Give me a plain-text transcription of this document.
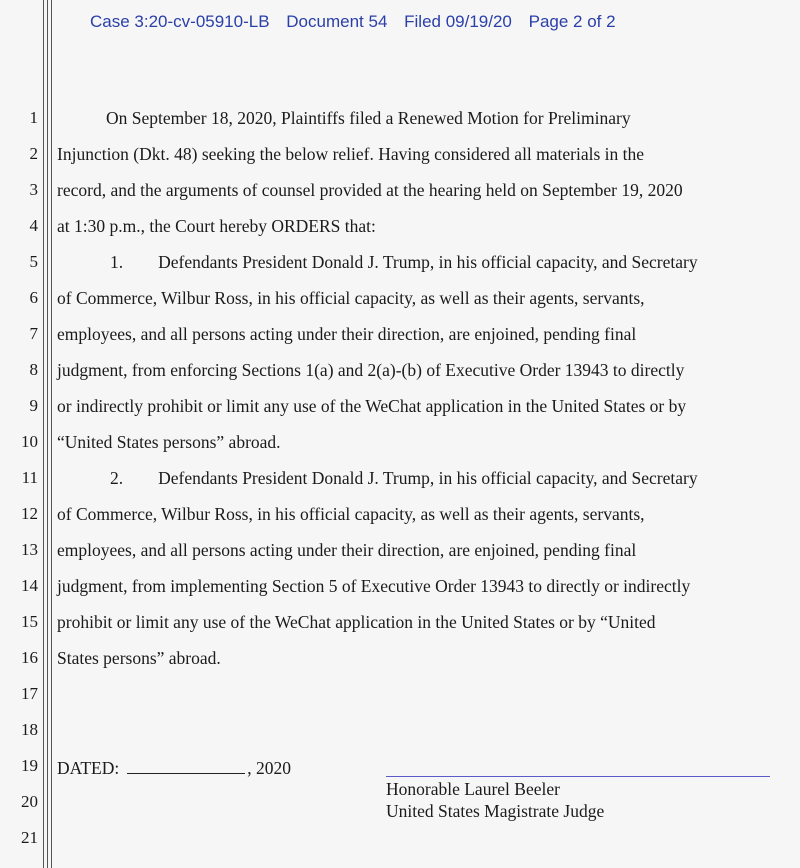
Case 3:20-cv-05910-LB Document 54 Filed 09/19/20 Page 2 of 2
1
2
3
4
5
6
7
8
9
10
11
12
13
14
15
16
17
18
19
20
21
On September 18, 2020, Plaintiffs filed a Renewed Motion for Preliminary
Injunction (Dkt. 48) seeking the below relief. Having considered all materials in the
record, and the arguments of counsel provided at the hearing held on September 19, 2020
at 1:30 p.m., the Court hereby ORDERS that:
1.        Defendants President Donald J. Trump, in his official capacity, and Secretary
of Commerce, Wilbur Ross, in his official capacity, as well as their agents, servants,
employees, and all persons acting under their direction, are enjoined, pending final
judgment, from enforcing Sections 1(a) and 2(a)-(b) of Executive Order 13943 to directly
or indirectly prohibit or limit any use of the WeChat application in the United States or by
“United States persons” abroad.
2.        Defendants President Donald J. Trump, in his official capacity, and Secretary
of Commerce, Wilbur Ross, in his official capacity, as well as their agents, servants,
employees, and all persons acting under their direction, are enjoined, pending final
judgment, from implementing Section 5 of Executive Order 13943 to directly or indirectly
prohibit or limit any use of the WeChat application in the United States or by “United
States persons” abroad.
DATED:	, 2020
Honorable Laurel Beeler
United States Magistrate Judge
